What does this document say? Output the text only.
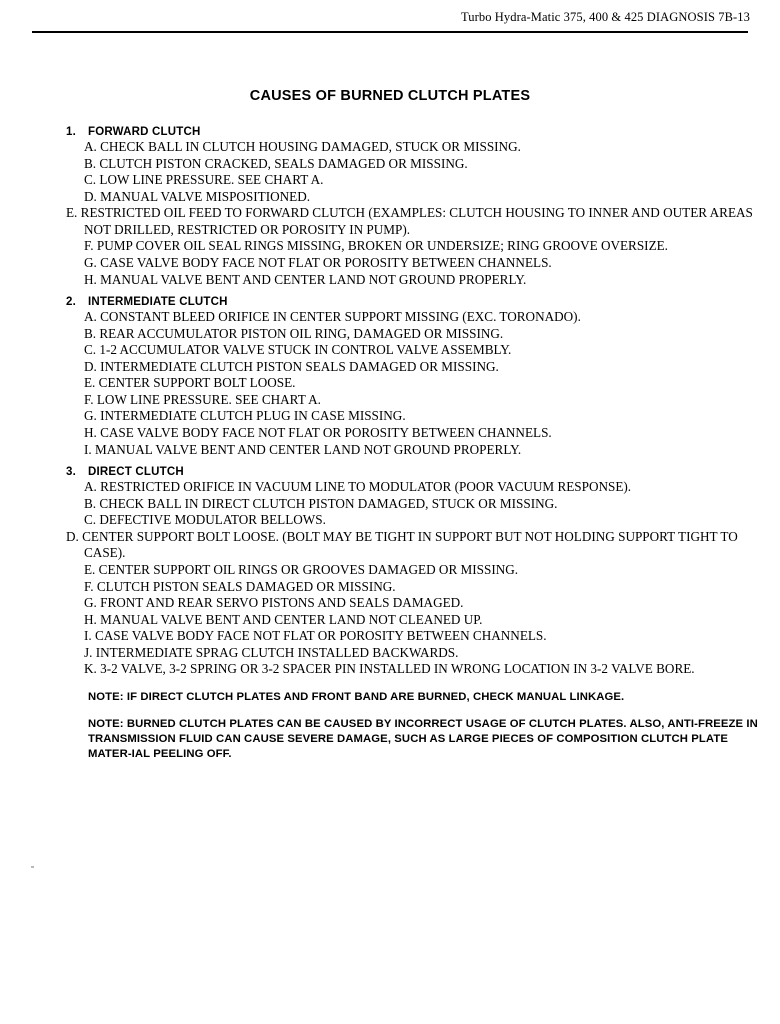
Turbo Hydra-Matic 375, 400 & 425 DIAGNOSIS 7B-13
CAUSES OF BURNED CLUTCH PLATES
1. FORWARD CLUTCH
A. CHECK BALL IN CLUTCH HOUSING DAMAGED, STUCK OR MISSING.
B. CLUTCH PISTON CRACKED, SEALS DAMAGED OR MISSING.
C. LOW LINE PRESSURE. SEE CHART A.
D. MANUAL VALVE MISPOSITIONED.
E. RESTRICTED OIL FEED TO FORWARD CLUTCH (EXAMPLES: CLUTCH HOUSING TO INNER AND OUTER AREAS NOT DRILLED, RESTRICTED OR POROSITY IN PUMP).
F. PUMP COVER OIL SEAL RINGS MISSING, BROKEN OR UNDERSIZE; RING GROOVE OVERSIZE.
G. CASE VALVE BODY FACE NOT FLAT OR POROSITY BETWEEN CHANNELS.
H. MANUAL VALVE BENT AND CENTER LAND NOT GROUND PROPERLY.
2. INTERMEDIATE CLUTCH
A. CONSTANT BLEED ORIFICE IN CENTER SUPPORT MISSING (EXC. TORONADO).
B. REAR ACCUMULATOR PISTON OIL RING, DAMAGED OR MISSING.
C. 1-2 ACCUMULATOR VALVE STUCK IN CONTROL VALVE ASSEMBLY.
D. INTERMEDIATE CLUTCH PISTON SEALS DAMAGED OR MISSING.
E. CENTER SUPPORT BOLT LOOSE.
F. LOW LINE PRESSURE. SEE CHART A.
G. INTERMEDIATE CLUTCH PLUG IN CASE MISSING.
H. CASE VALVE BODY FACE NOT FLAT OR POROSITY BETWEEN CHANNELS.
I. MANUAL VALVE BENT AND CENTER LAND NOT GROUND PROPERLY.
3. DIRECT CLUTCH
A. RESTRICTED ORIFICE IN VACUUM LINE TO MODULATOR (POOR VACUUM RESPONSE).
B. CHECK BALL IN DIRECT CLUTCH PISTON DAMAGED, STUCK OR MISSING.
C. DEFECTIVE MODULATOR BELLOWS.
D. CENTER SUPPORT BOLT LOOSE. (BOLT MAY BE TIGHT IN SUPPORT BUT NOT HOLDING SUPPORT TIGHT TO CASE).
E. CENTER SUPPORT OIL RINGS OR GROOVES DAMAGED OR MISSING.
F. CLUTCH PISTON SEALS DAMAGED OR MISSING.
G. FRONT AND REAR SERVO PISTONS AND SEALS DAMAGED.
H. MANUAL VALVE BENT AND CENTER LAND NOT CLEANED UP.
I. CASE VALVE BODY FACE NOT FLAT OR POROSITY BETWEEN CHANNELS.
J. INTERMEDIATE SPRAG CLUTCH INSTALLED BACKWARDS.
K. 3-2 VALVE, 3-2 SPRING OR 3-2 SPACER PIN INSTALLED IN WRONG LOCATION IN 3-2 VALVE BORE.
NOTE: IF DIRECT CLUTCH PLATES AND FRONT BAND ARE BURNED, CHECK MANUAL LINKAGE.
NOTE: BURNED CLUTCH PLATES CAN BE CAUSED BY INCORRECT USAGE OF CLUTCH PLATES. ALSO, ANTI-FREEZE IN TRANSMISSION FLUID CAN CAUSE SEVERE DAMAGE, SUCH AS LARGE PIECES OF COMPOSITION CLUTCH PLATE MATER-IAL PEELING OFF.
